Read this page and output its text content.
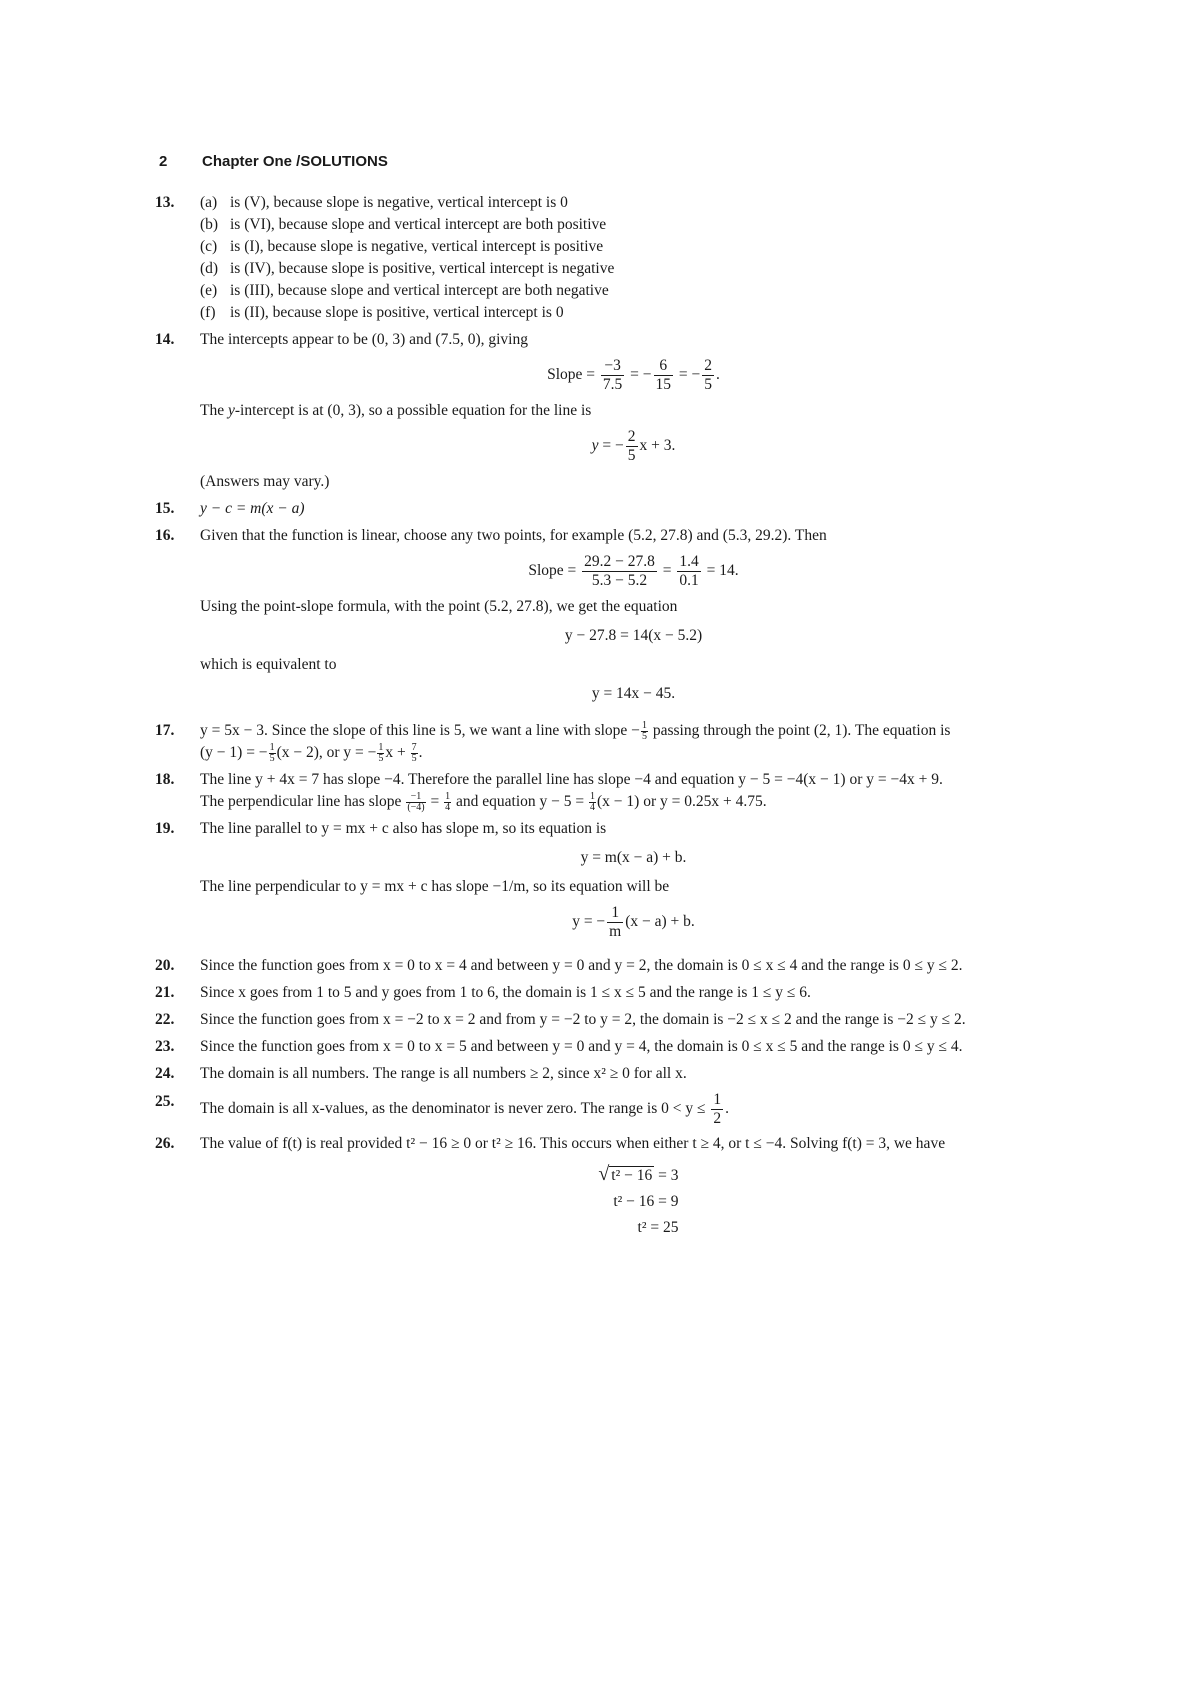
2 Chapter One /SOLUTIONS
13.	(a) is (V), because slope is negative, vertical intercept is 0
(b) is (VI), because slope and vertical intercept are both positive
(c) is (I), because slope is negative, vertical intercept is positive
(d) is (IV), because slope is positive, vertical intercept is negative
(e) is (III), because slope and vertical intercept are both negative
(f) is (II), because slope is positive, vertical intercept is 0
14.	The intercepts appear to be (0, 3) and (7.5, 0), giving
Slope = $\frac{-3}{7.5}$ = − $\frac{6}{15}$ = − $\frac{2}{5}$ .
The y-intercept is at (0, 3), so a possible equation for the line is
y = − $\frac{2}{5}$ x + 3.
(Answers may vary.)
15.	y − c = m(x − a)
16.	Given that the function is linear, choose any two points, for example (5.2, 27.8) and (5.3, 29.2). Then
Slope = $\frac{29.2 - 27.8}{5.3 - 5.2} = \frac{1.4}{0.1} = 14$.
Using the point-slope formula, with the point (5.2, 27.8), we get the equation
y − 27.8 = 14(x − 5.2)
which is equivalent to
y = 14x − 45.
17.	y = 5x − 3. Since the slope of this line is 5, we want a line with slope − $\frac{1}{5}$ passing through the point (2, 1). The equation is
(y − 1) = − $\frac{1}{5} (x - 2)$, or y = − $\frac{1}{5}$ $x + \frac{7}{5}$ .
18.	The line y + 4x = 7 has slope −4. Therefore the parallel line has slope −4 and equation y − 5 = −4(x − 1) or y = −4x + 9.
The perpendicular line has slope $\frac{-1}{(-4)} = \frac{1}{4}$ and equation $y - 5 = \frac{1}{4} (x - 1)$ or y = 0.25x + 4.75.
19.	The line parallel to y = mx + c also has slope m, so its equation is
y = m(x − a) + b.
The line perpendicular to y = mx + c has slope −1/m, so its equation will be
y = − $\frac{1}{m} (x - a) + b$.
20.	Since the function goes from x = 0 to x = 4 and between y = 0 and y = 2, the domain is 0 ≤ x ≤ 4 and the range is 0 ≤ y ≤ 2.
21.	Since x goes from 1 to 5 and y goes from 1 to 6, the domain is 1 ≤ x ≤ 5 and the range is 1 ≤ y ≤ 6.
22.	Since the function goes from x = −2 to x = 2 and from y = −2 to y = 2, the domain is −2 ≤ x ≤ 2 and the range is −2 ≤ y ≤ 2.
23.	Since the function goes from x = 0 to x = 5 and between y = 0 and y = 4, the domain is 0 ≤ x ≤ 5 and the range is 0 ≤ y ≤ 4.
24.	The domain is all numbers. The range is all numbers ≥ 2, since x² ≥ 0 for all x.
25.	The domain is all x-values, as the denominator is never zero. The range is $0 < y \le \frac{1}{2}$ .
26.	The value of f(t) is real provided t² − 16 ≥ 0 or t² ≥ 16. This occurs when either t ≥ 4, or t ≤ −4. Solving f(t) = 3, we have
√ t² − 16 = 3
t² − 16 = 9
t² = 25
